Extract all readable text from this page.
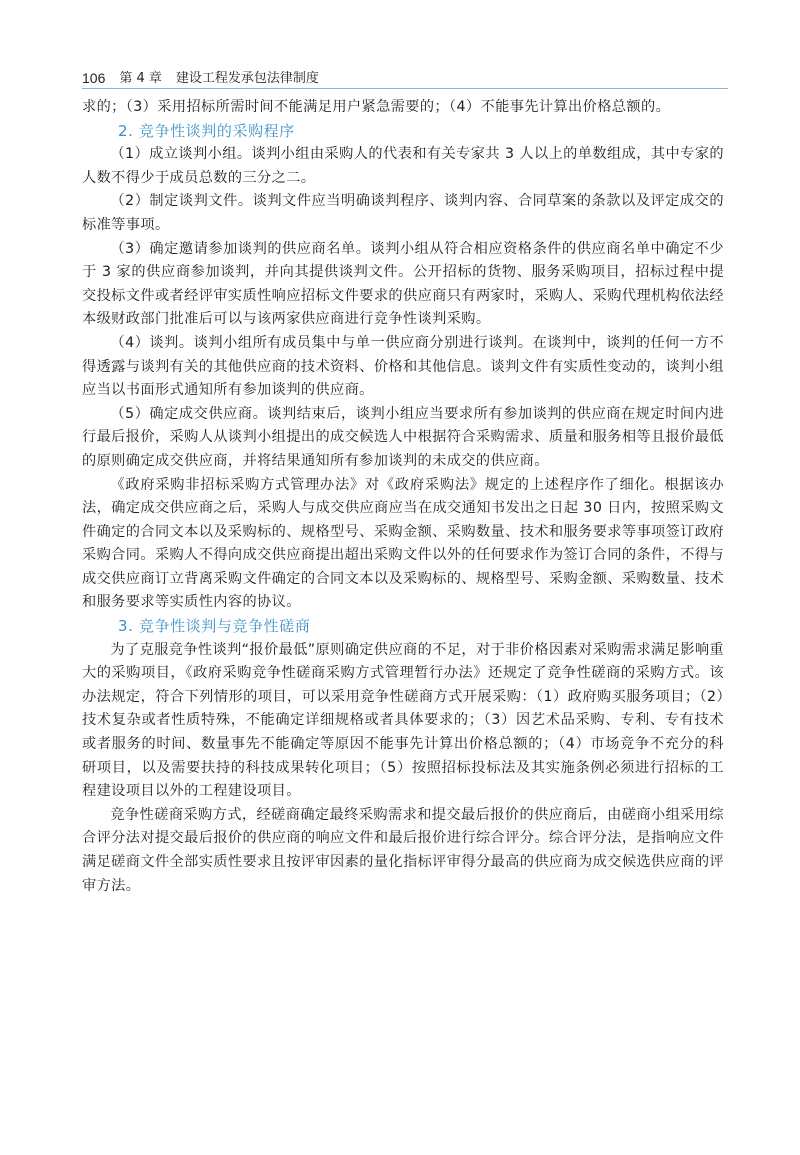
106 第 4 章 建设工程发承包法律制度

求的；（3）采用招标所需时间不能满足用户紧急需要的；（4）不能事先计算出价格总额的。

2. 竞争性谈判的采购程序

（1）成立谈判小组。谈判小组由采购人的代表和有关专家共 3 人以上的单数组成，其中专家的人数不得少于成员总数的三分之二。

（2）制定谈判文件。谈判文件应当明确谈判程序、谈判内容、合同草案的条款以及评定成交的标准等事项。

（3）确定邀请参加谈判的供应商名单。谈判小组从符合相应资格条件的供应商名单中确定不少于 3 家的供应商参加谈判，并向其提供谈判文件。公开招标的货物、服务采购项目，招标过程中提交投标文件或者经评审实质性响应招标文件要求的供应商只有两家时，采购人、采购代理机构依法经本级财政部门批准后可以与该两家供应商进行竞争性谈判采购。

（4）谈判。谈判小组所有成员集中与单一供应商分别进行谈判。在谈判中，谈判的任何一方不得透露与谈判有关的其他供应商的技术资料、价格和其他信息。谈判文件有实质性变动的，谈判小组应当以书面形式通知所有参加谈判的供应商。

（5）确定成交供应商。谈判结束后，谈判小组应当要求所有参加谈判的供应商在规定时间内进行最后报价，采购人从谈判小组提出的成交候选人中根据符合采购需求、质量和服务相等且报价最低的原则确定成交供应商，并将结果通知所有参加谈判的未成交的供应商。

《政府采购非招标采购方式管理办法》对《政府采购法》规定的上述程序作了细化。根据该办法，确定成交供应商之后，采购人与成交供应商应当在成交通知书发出之日起 30 日内，按照采购文件确定的合同文本以及采购标的、规格型号、采购金额、采购数量、技术和服务要求等事项签订政府采购合同。采购人不得向成交供应商提出超出采购文件以外的任何要求作为签订合同的条件，不得与成交供应商订立背离采购文件确定的合同文本以及采购标的、规格型号、采购金额、采购数量、技术和服务要求等实质性内容的协议。

3. 竞争性谈判与竞争性磋商

为了克服竞争性谈判“报价最低”原则确定供应商的不足，对于非价格因素对采购需求满足影响重大的采购项目，《政府采购竞争性磋商采购方式管理暂行办法》还规定了竞争性磋商的采购方式。该办法规定，符合下列情形的项目，可以采用竞争性磋商方式开展采购：（1）政府购买服务项目；（2）技术复杂或者性质特殊，不能确定详细规格或者具体要求的；（3）因艺术品采购、专利、专有技术或者服务的时间、数量事先不能确定等原因不能事先计算出价格总额的；（4）市场竞争不充分的科研项目，以及需要扶持的科技成果转化项目；（5）按照招标投标法及其实施条例必须进行招标的工程建设项目以外的工程建设项目。

竞争性磋商采购方式，经磋商确定最终采购需求和提交最后报价的供应商后，由磋商小组采用综合评分法对提交最后报价的供应商的响应文件和最后报价进行综合评分。综合评分法，是指响应文件满足磋商文件全部实质性要求且按评审因素的量化指标评审得分最高的供应商为成交候选供应商的评审方法。
